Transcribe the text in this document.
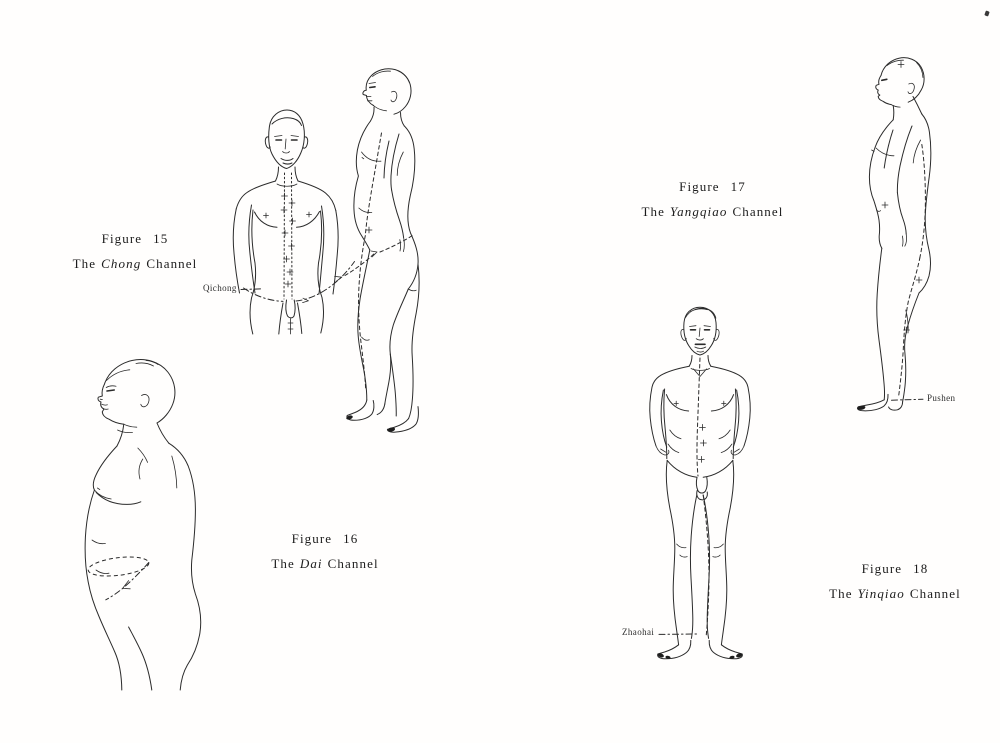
Figure 15
The Chong Channel
Figure 16
The Dai Channel
Figure 17
The Yangqiao Channel
Figure 18
The Yinqiao Channel
Qichong
Pushen
Zhaohai
